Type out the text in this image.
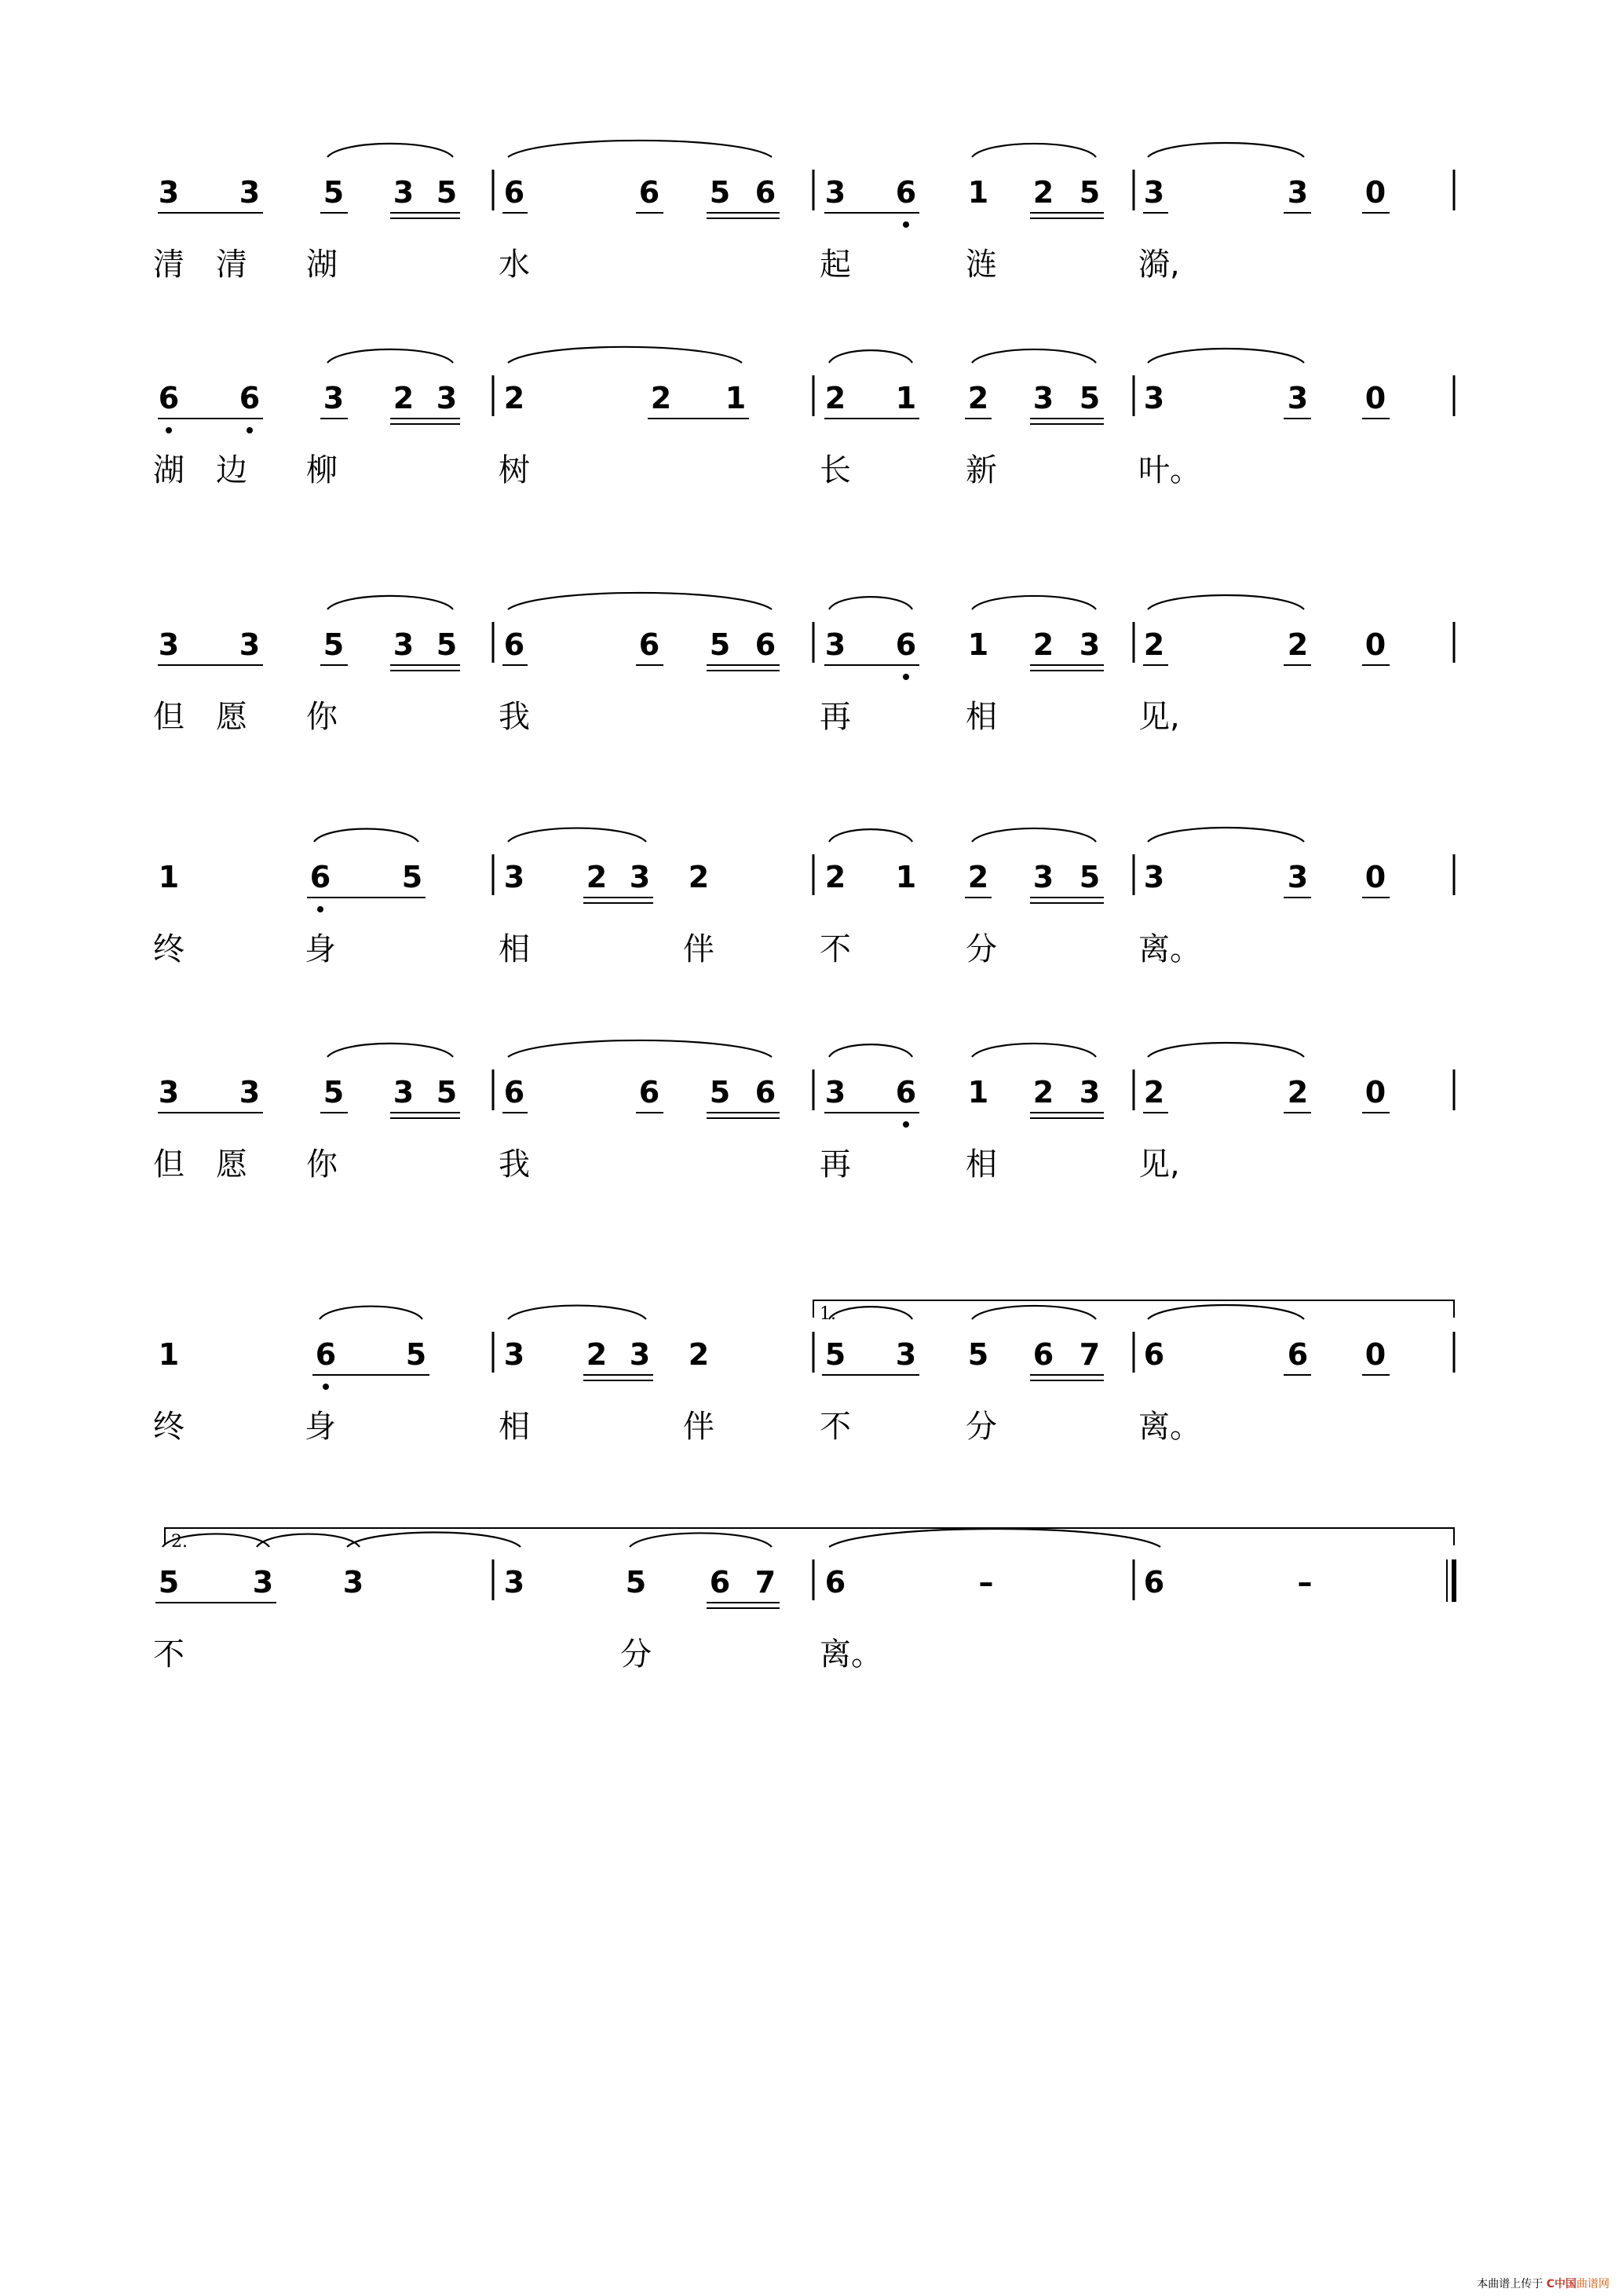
3 3 5 3 5 6	6 5 6 3 6 1 2 5 3	3 0
清 清 湖	水	起	涟	漪,
6 6 3 2 3 2	2 1	2 1 2 3 5 3	3 0
湖 边 柳	树	长	新	叶。
3 3 5 3 5 6	6 5 6 3 6 1 2 3 2	2 0
但 愿 你	我	再	相	见,
1	6 5	3 2 3 2	2 1 2 3 5 3	3 0
终	身	相	伴	不	分	离。
3 3 5 3 5 6	6 5 6 3 6 1 2 3 2	2 0
但 愿 你	我	再	相	见,
1	6 5	3 2 3 2	5 3 5 6 7 6	6 0
1.
终	身	相	伴	不	分	离。
5 3 3	3	5 6 7 6	–	6	–
2.
不	分	离。
本曲谱上传于 C中国曲谱网
